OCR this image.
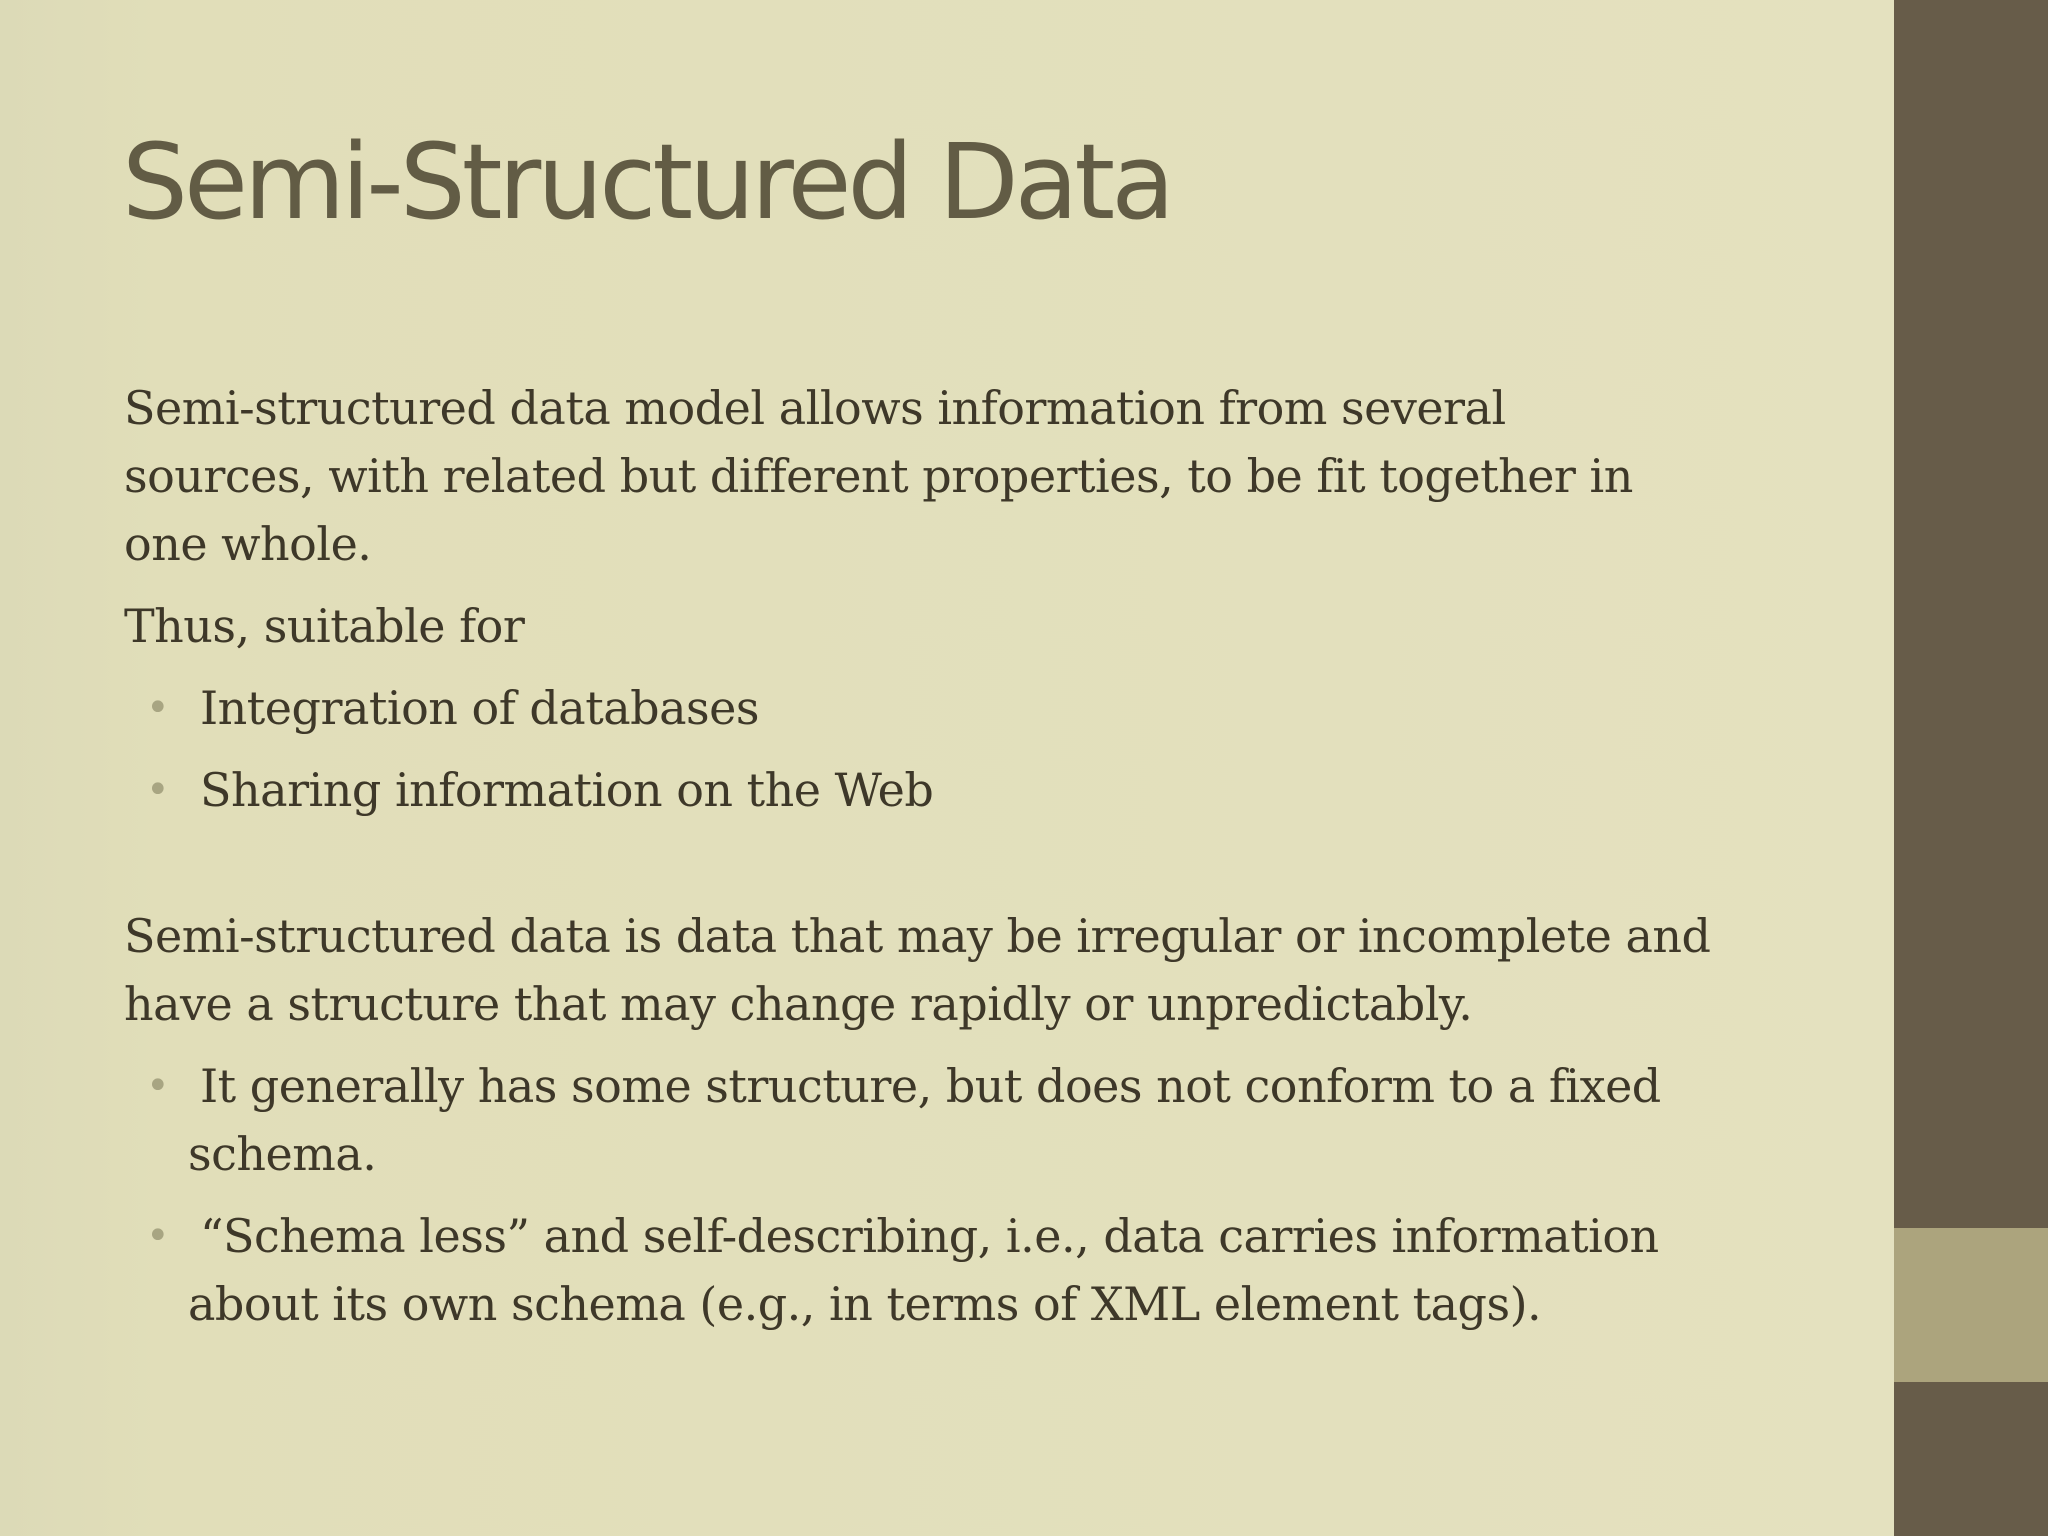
Semi-Structured Data

Semi-structured data model allows information from several
sources, with related but different properties, to be fit together in
one whole.

Thus, suitable for

• Integration of databases
• Sharing information on the Web

Semi-structured data is data that may be irregular or incomplete and
have a structure that may change rapidly or unpredictably.

• It generally has some structure, but does not conform to a fixed
schema.
• “Schema less” and self-describing, i.e., data carries information
about its own schema (e.g., in terms of XML element tags).
